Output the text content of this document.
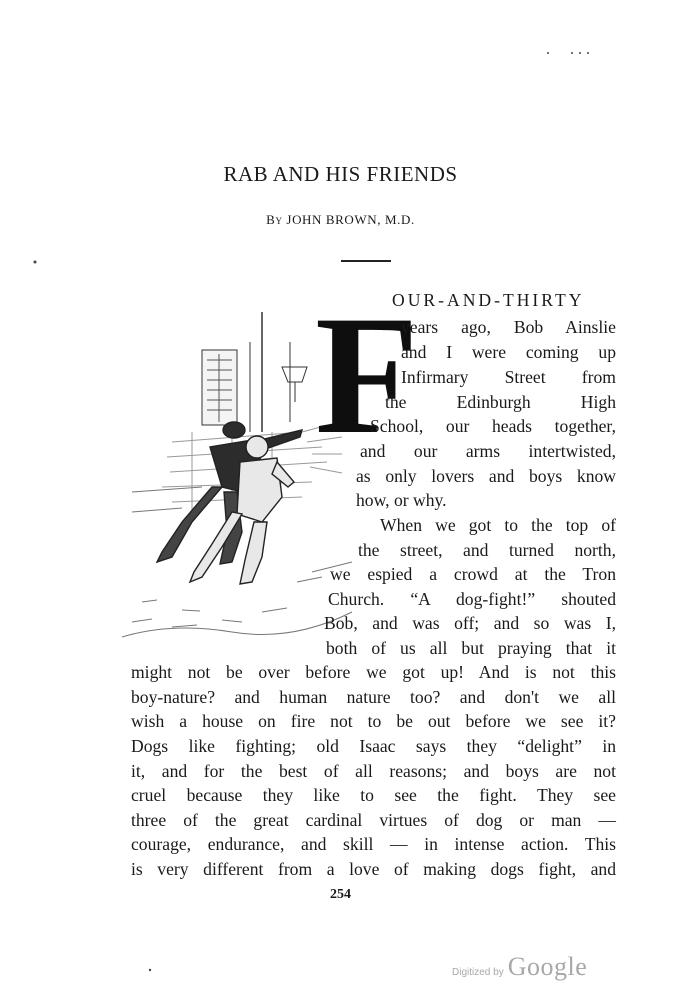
RAB AND HIS FRIENDS
By JOHN BROWN, M.D.
F
OUR-AND-THIRTY
years ago, Bob Ainslie
and I were coming up
Infirmary Street from
the Edinburgh High
School, our heads together,
and our arms intertwisted,
as only lovers and boys know
how, or why.
When we got to the top of
the street, and turned north,
we espied a crowd at the Tron
Church. “A dog-fight!” shouted
Bob, and was off; and so was I,
both of us all but praying that it
might not be over before we got up! And is not this
boy-nature? and human nature too? and don't we all
wish a house on fire not to be out before we see it?
Dogs like fighting; old Isaac says they “delight” in
it, and for the best of all reasons; and boys are not
cruel because they like to see the fight. They see
three of the great cardinal virtues of dog or man —
courage, endurance, and skill — in intense action. This
is very different from a love of making dogs fight, and
254
Digitized by Google
